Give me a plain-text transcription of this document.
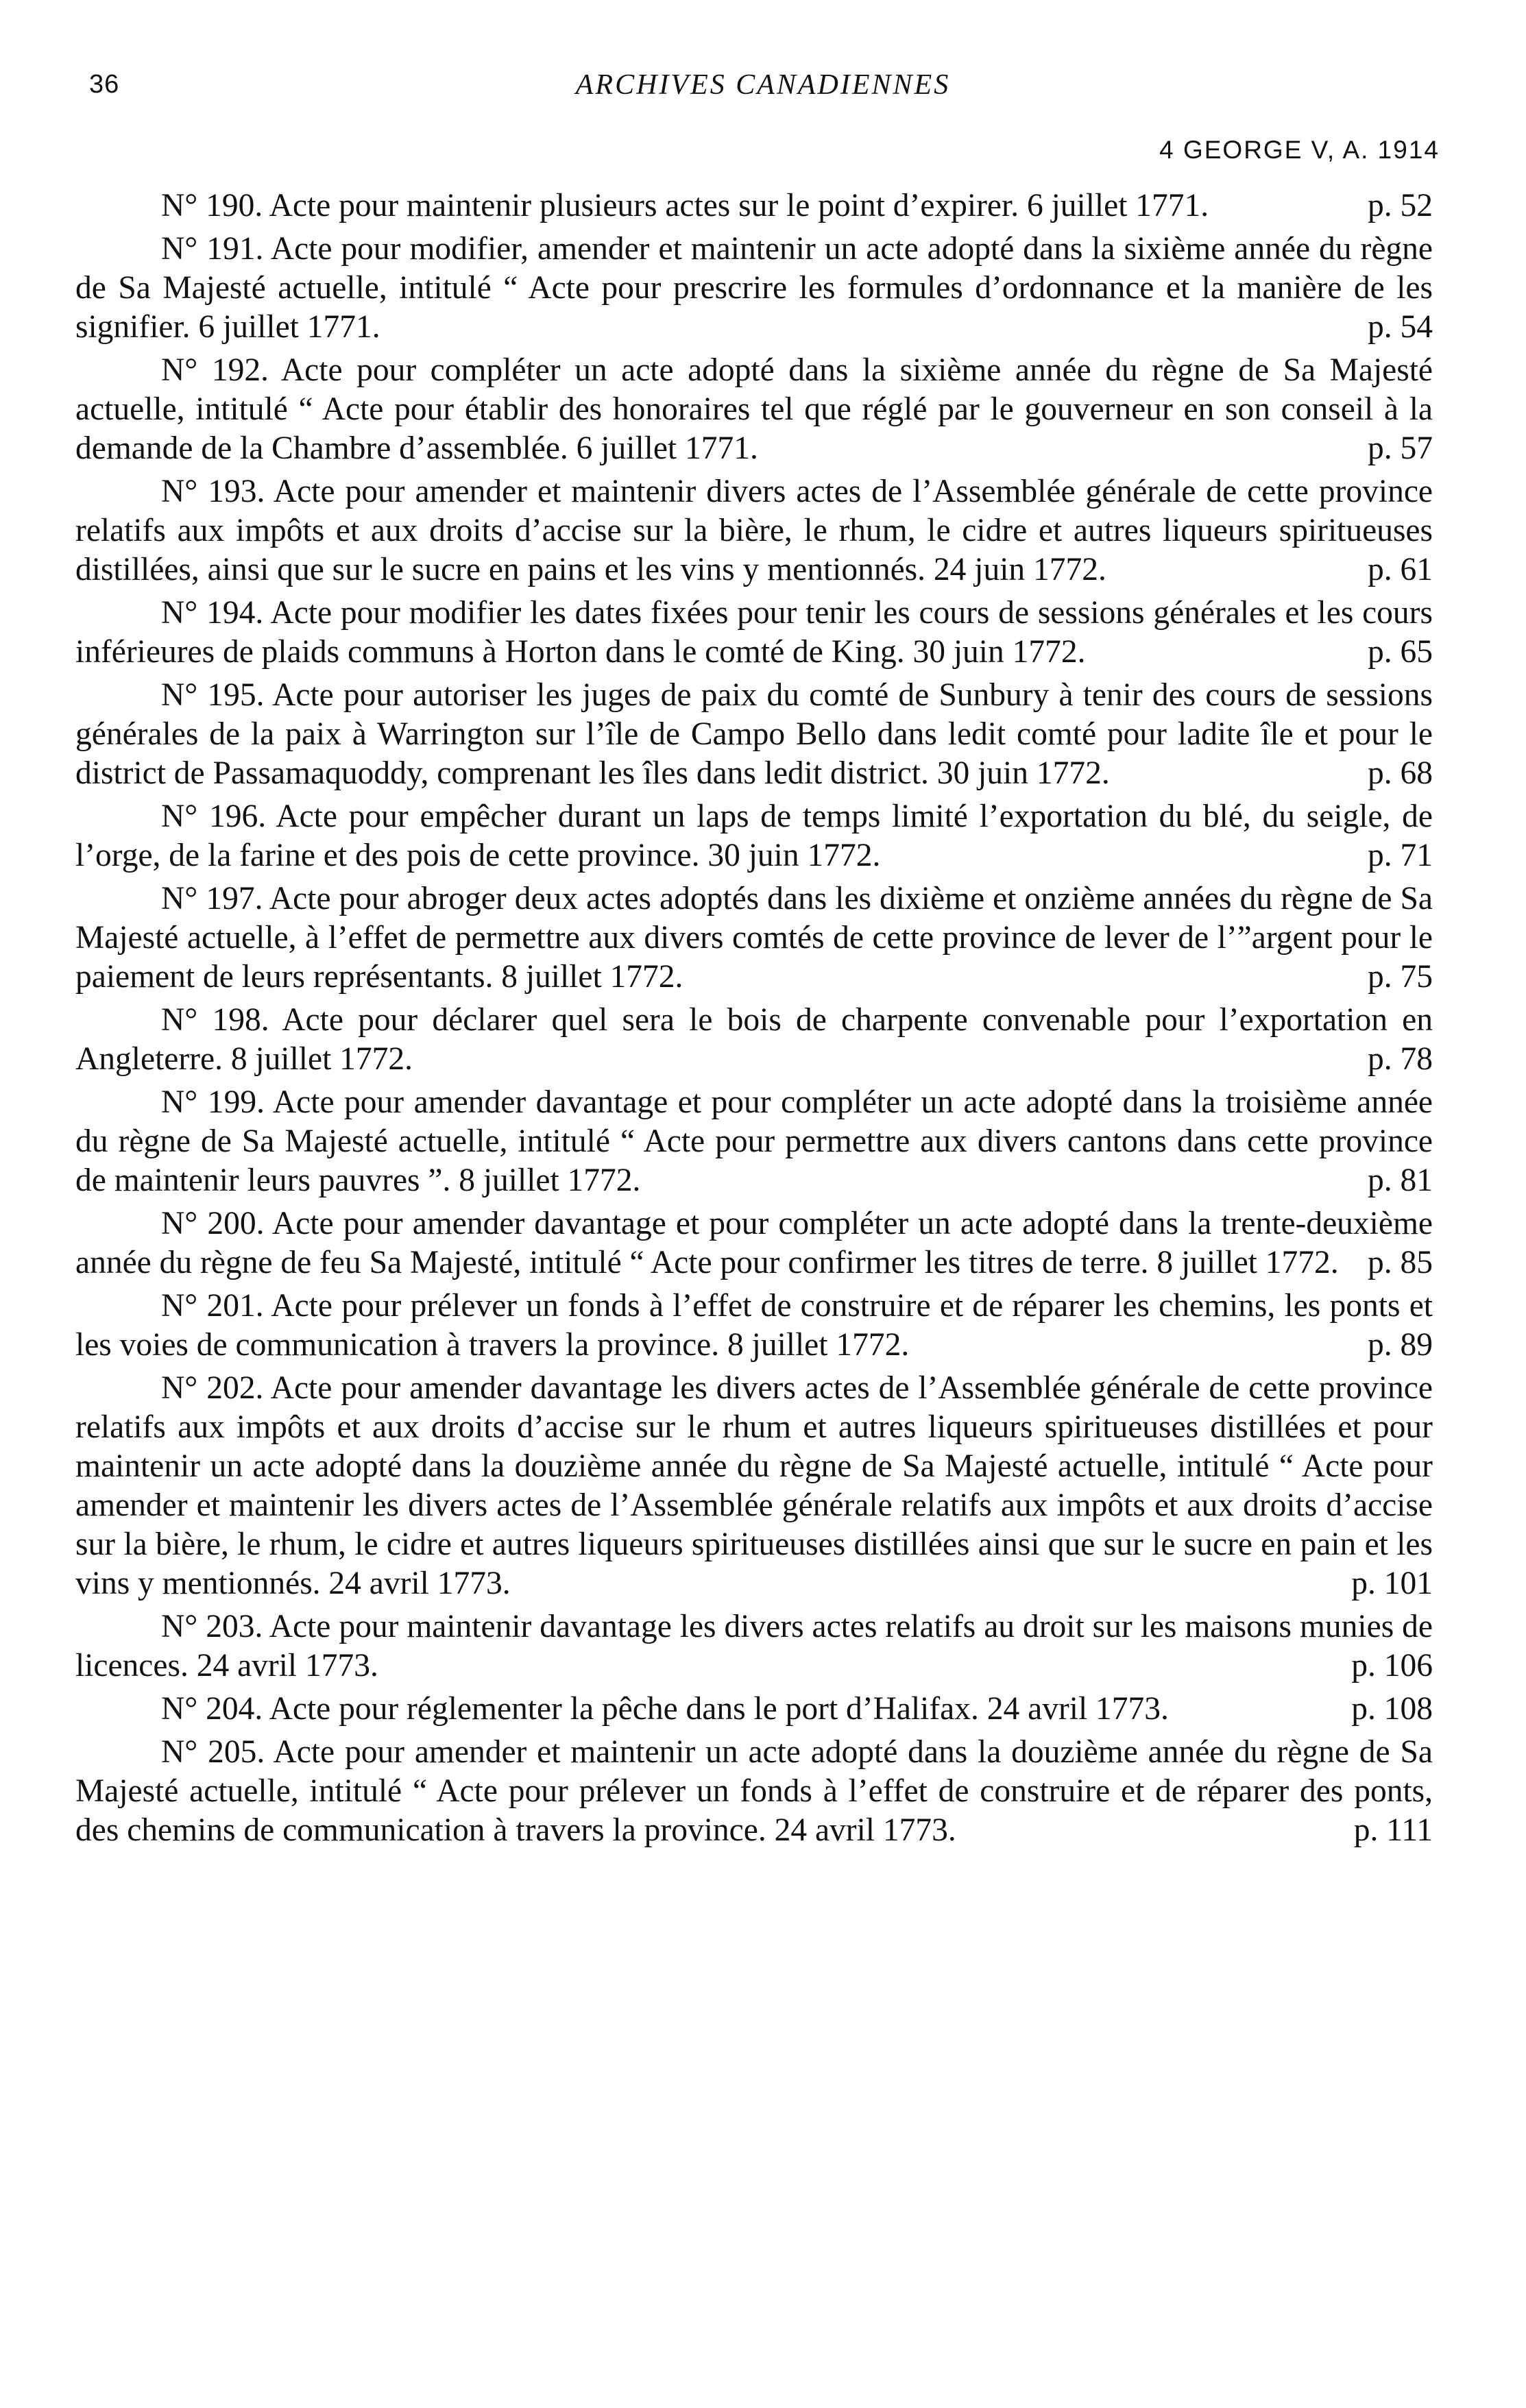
36	ARCHIVES CANADIENNES
4 GEORGE V, A. 1914

N° 190. Acte pour maintenir plusieurs actes sur le point d’expirer. 6 juillet 1771.	p. 52

N° 191. Acte pour modifier, amender et maintenir un acte adopté dans la sixième année du règne de Sa Majesté actuelle, intitulé “ Acte pour prescrire les formules d’ordonnance et la manière de les signifier. 6 juillet 1771.	p. 54

N° 192. Acte pour compléter un acte adopté dans la sixième année du règne de Sa Majesté actuelle, intitulé “ Acte pour établir des honoraires tel que réglé par le gouverneur en son conseil à la demande de la Chambre d’assemblée. 6 juillet 1771.	p. 57

N° 193. Acte pour amender et maintenir divers actes de l’Assemblée générale de cette province relatifs aux impôts et aux droits d’accise sur la bière, le rhum, le cidre et autres liqueurs spiritueuses distillées, ainsi que sur le sucre en pains et les vins y mentionnés. 24 juin 1772.	p. 61

N° 194. Acte pour modifier les dates fixées pour tenir les cours de sessions générales et les cours inférieures de plaids communs à Horton dans le comté de King. 30 juin 1772.	p. 65

N° 195. Acte pour autoriser les juges de paix du comté de Sunbury à tenir des cours de sessions générales de la paix à Warrington sur l’île de Campo Bello dans ledit comté pour ladite île et pour le district de Passamaquoddy, comprenant les îles dans ledit district. 30 juin 1772.	p. 68

N° 196. Acte pour empêcher durant un laps de temps limité l’exportation du blé, du seigle, de l’orge, de la farine et des pois de cette province. 30 juin 1772.	p. 71

N° 197. Acte pour abroger deux actes adoptés dans les dixième et onzième années du règne de Sa Majesté actuelle, à l’effet de permettre aux divers comtés de cette province de lever de l’”argent pour le paiement de leurs représentants. 8 juillet 1772.	p. 75

N° 198. Acte pour déclarer quel sera le bois de charpente convenable pour l’exportation en Angleterre. 8 juillet 1772.	p. 78

N° 199. Acte pour amender davantage et pour compléter un acte adopté dans la troisième année du règne de Sa Majesté actuelle, intitulé “ Acte pour permettre aux divers cantons dans cette province de maintenir leurs pauvres ”. 8 juillet 1772.	p. 81

N° 200. Acte pour amender davantage et pour compléter un acte adopté dans la trente-deuxième année du règne de feu Sa Majesté, intitulé “ Acte pour confirmer les titres de terre. 8 juillet 1772. p. 85

N° 201. Acte pour prélever un fonds à l’effet de construire et de réparer les chemins, les ponts et les voies de communication à travers la province. 8 juillet 1772.	p. 89

N° 202. Acte pour amender davantage les divers actes de l’Assemblée générale de cette province relatifs aux impôts et aux droits d’accise sur le rhum et autres liqueurs spiritueuses distillées et pour maintenir un acte adopté dans la douzième année du règne de Sa Majesté actuelle, intitulé “ Acte pour amender et maintenir les divers actes de l’Assemblée générale relatifs aux impôts et aux droits d’accise sur la bière, le rhum, le cidre et autres liqueurs spiritueuses distillées ainsi que sur le sucre en pain et les vins y mentionnés. 24 avril 1773.	p. 101

N° 203. Acte pour maintenir davantage les divers actes relatifs au droit sur les maisons munies de licences. 24 avril 1773.	p. 106

N° 204. Acte pour réglementer la pêche dans le port d’Halifax. 24 avril 1773.	p. 108

N° 205. Acte pour amender et maintenir un acte adopté dans la douzième année du règne de Sa Majesté actuelle, intitulé “ Acte pour prélever un fonds à l’effet de construire et de réparer des ponts, des chemins de communication à travers la province. 24 avril 1773.	p. 111
